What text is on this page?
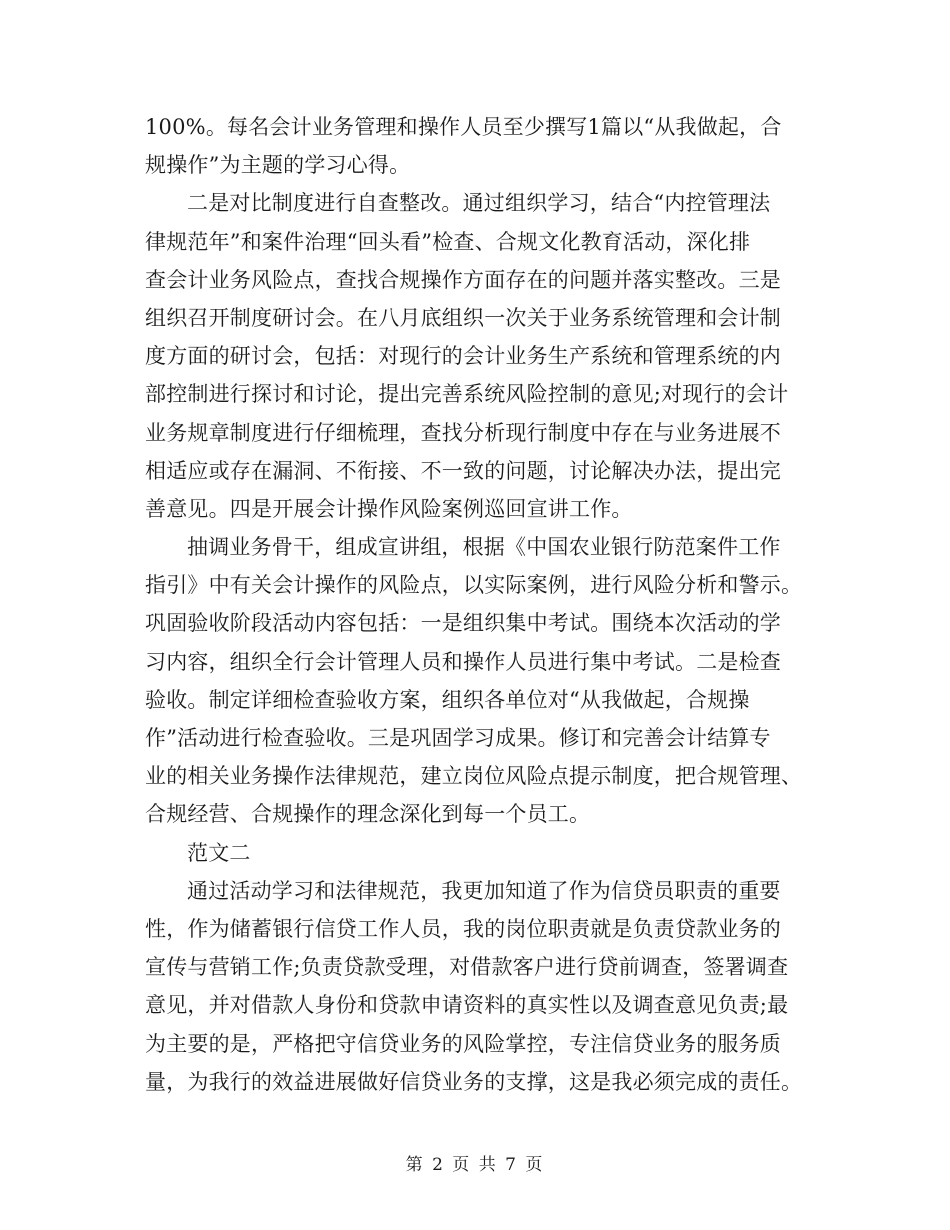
100%。每名会计业务管理和操作人员至少撰写1篇以“从我做起，合
规操作”为主题的学习心得。
二是对比制度进行自查整改。通过组织学习，结合“内控管理法
律规范年”和案件治理“回头看”检查、合规文化教育活动，深化排
查会计业务风险点，查找合规操作方面存在的问题并落实整改。三是
组织召开制度研讨会。在八月底组织一次关于业务系统管理和会计制
度方面的研讨会，包括：对现行的会计业务生产系统和管理系统的内
部控制进行探讨和讨论，提出完善系统风险控制的意见;对现行的会计
业务规章制度进行仔细梳理，查找分析现行制度中存在与业务进展不
相适应或存在漏洞、不衔接、不一致的问题，讨论解决办法，提出完
善意见。四是开展会计操作风险案例巡回宣讲工作。
抽调业务骨干，组成宣讲组，根据《中国农业银行防范案件工作
指引》中有关会计操作的风险点，以实际案例，进行风险分析和警示。
巩固验收阶段活动内容包括：一是组织集中考试。围绕本次活动的学
习内容，组织全行会计管理人员和操作人员进行集中考试。二是检查
验收。制定详细检查验收方案，组织各单位对“从我做起，合规操
作”活动进行检查验收。三是巩固学习成果。修订和完善会计结算专
业的相关业务操作法律规范，建立岗位风险点提示制度，把合规管理、
合规经营、合规操作的理念深化到每一个员工。
范文二
通过活动学习和法律规范，我更加知道了作为信贷员职责的重要
性，作为储蓄银行信贷工作人员，我的岗位职责就是负责贷款业务的
宣传与营销工作;负责贷款受理，对借款客户进行贷前调查，签署调查
意见，并对借款人身份和贷款申请资料的真实性以及调查意见负责;最
为主要的是，严格把守信贷业务的风险掌控，专注信贷业务的服务质
量，为我行的效益进展做好信贷业务的支撑，这是我必须完成的责任。
第 2 页 共 7 页
